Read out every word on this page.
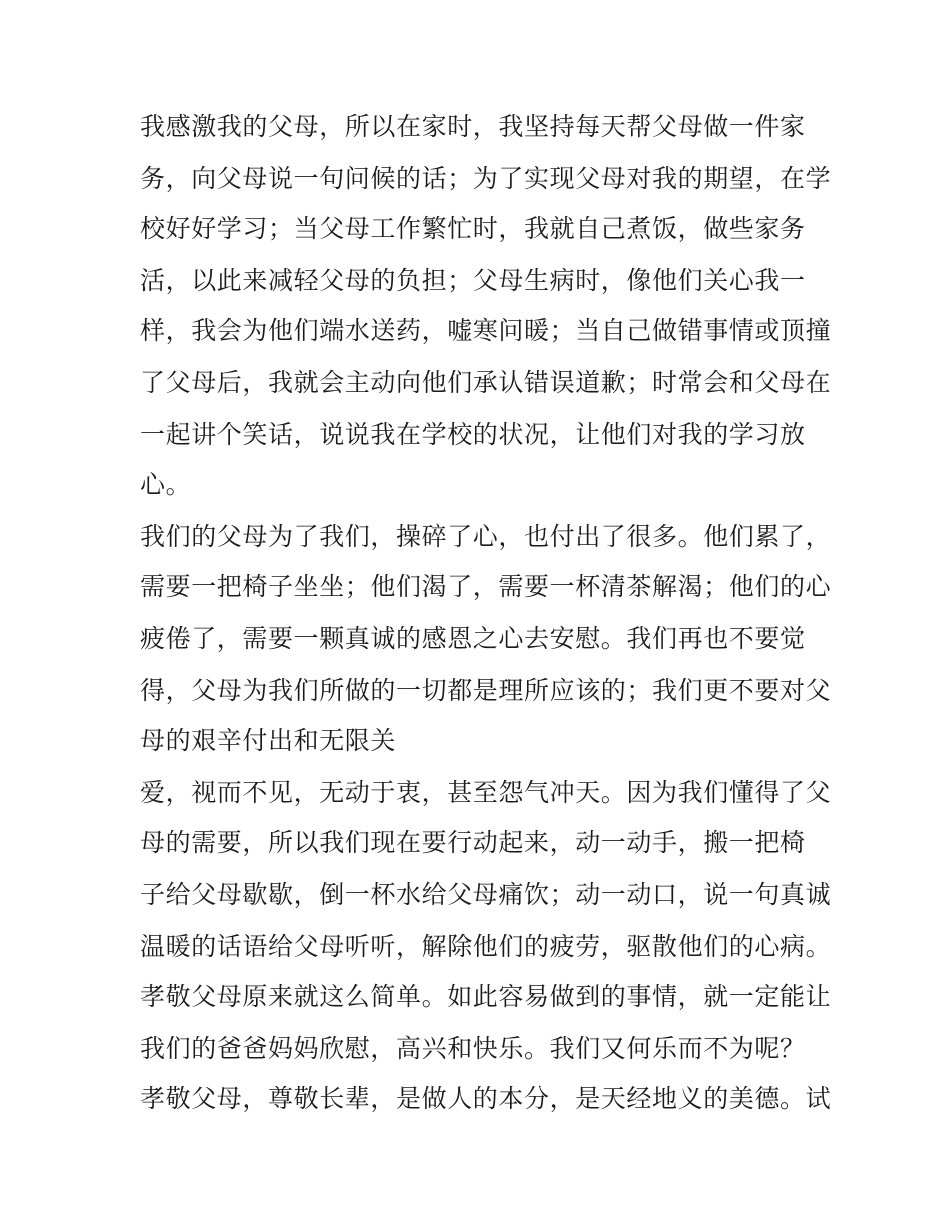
我感激我的父母，所以在家时，我坚持每天帮父母做一件家

务，向父母说一句问候的话；为了实现父母对我的期望，在学

校好好学习；当父母工作繁忙时，我就自己煮饭，做些家务

活，以此来减轻父母的负担；父母生病时，像他们关心我一

样，我会为他们端水送药，嘘寒问暖；当自己做错事情或顶撞

了父母后，我就会主动向他们承认错误道歉；时常会和父母在

一起讲个笑话，说说我在学校的状况，让他们对我的学习放

心。

我们的父母为了我们，操碎了心，也付出了很多。他们累了，

需要一把椅子坐坐；他们渴了，需要一杯清茶解渴；他们的心

疲倦了，需要一颗真诚的感恩之心去安慰。我们再也不要觉

得，父母为我们所做的一切都是理所应该的；我们更不要对父

母的艰辛付出和无限关

爱，视而不见，无动于衷，甚至怨气冲天。因为我们懂得了父

母的需要，所以我们现在要行动起来，动一动手，搬一把椅

子给父母歇歇，倒一杯水给父母痛饮；动一动口，说一句真诚

温暖的话语给父母听听，解除他们的疲劳，驱散他们的心病。

孝敬父母原来就这么简单。如此容易做到的事情，就一定能让

我们的爸爸妈妈欣慰，高兴和快乐。我们又何乐而不为呢？

孝敬父母，尊敬长辈，是做人的本分，是天经地义的美德。试
